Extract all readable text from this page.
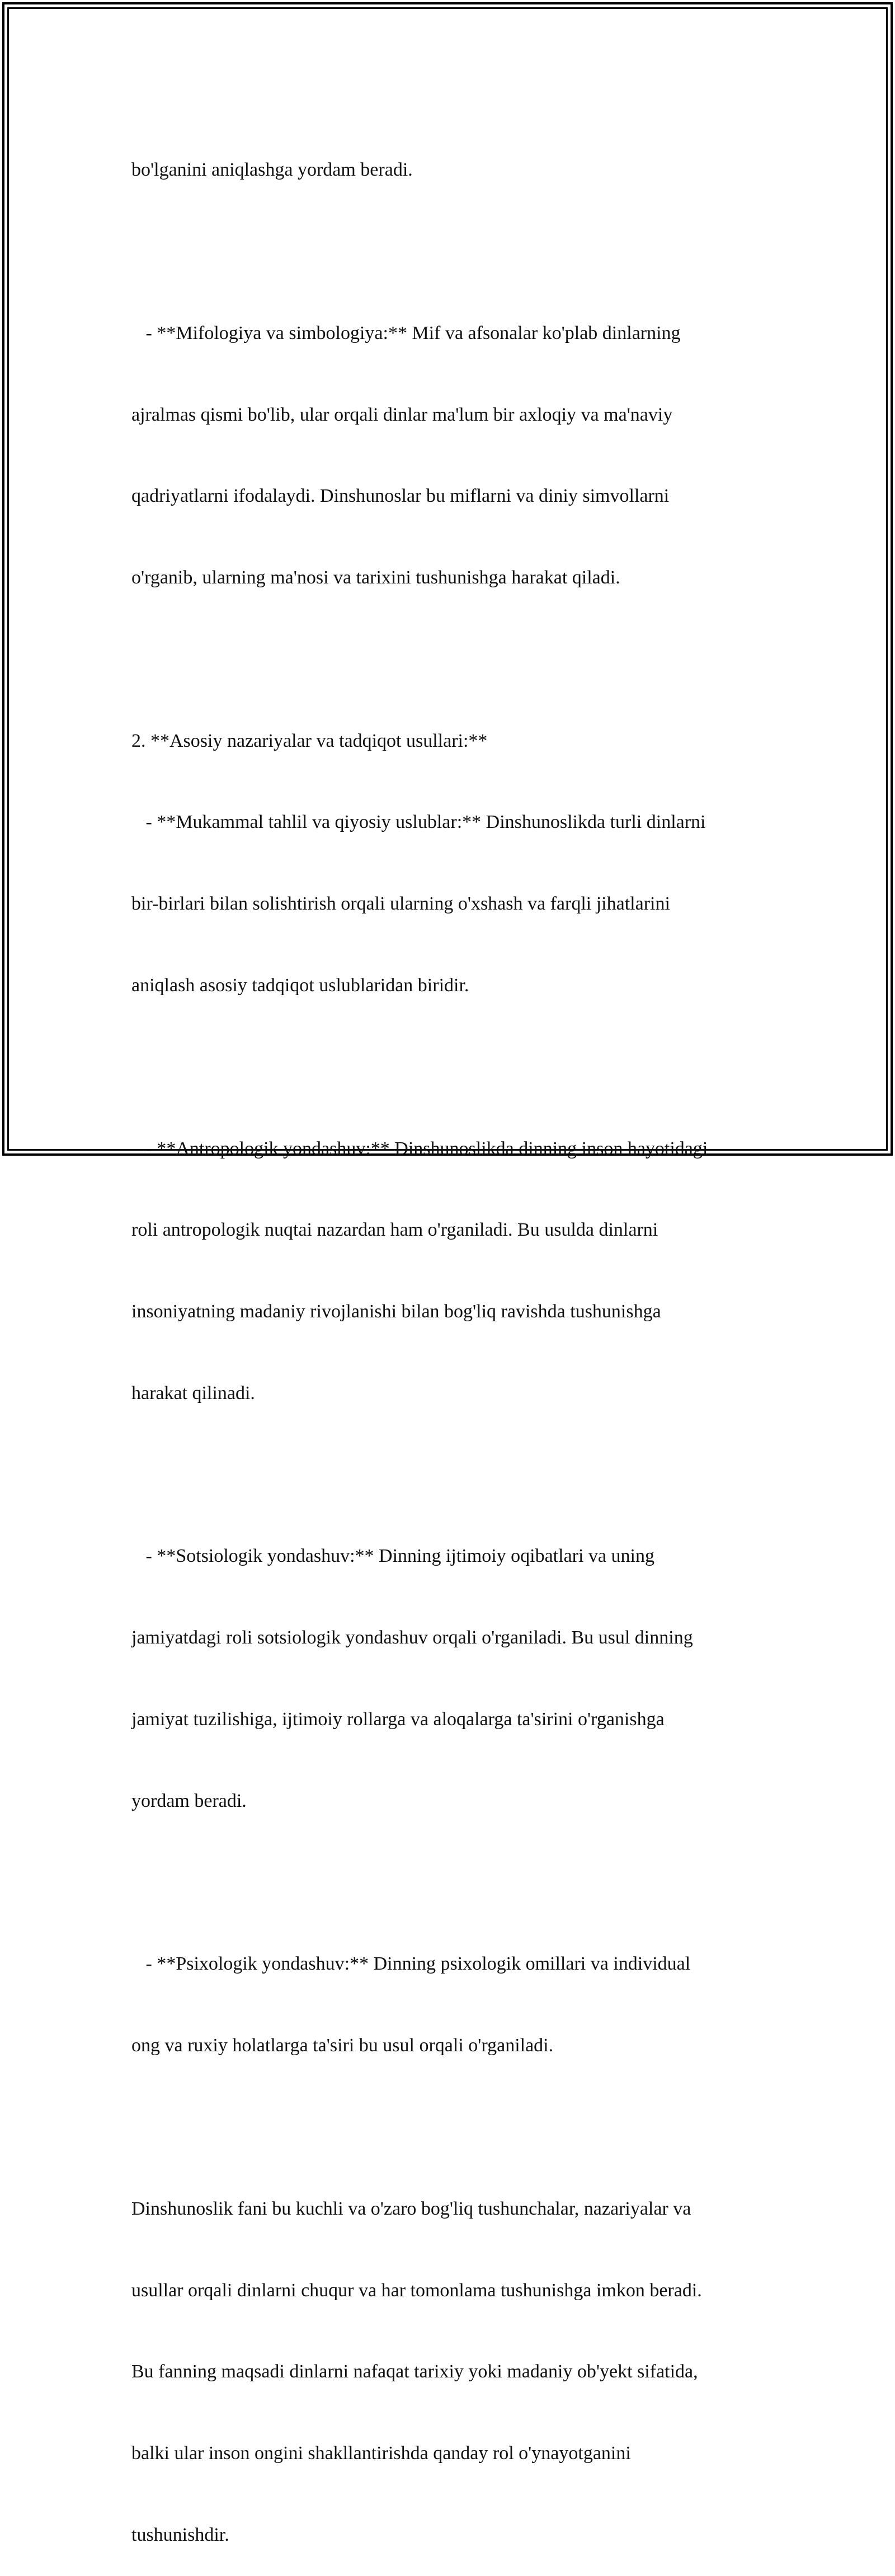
bo'lganini aniqlashga yordam beradi.

- **Mifologiya va simbologiya:** Mif va afsonalar ko'plab dinlarning

ajralmas qismi bo'lib, ular orqali dinlar ma'lum bir axloqiy va ma'naviy

qadriyatlarni ifodalaydi. Dinshunoslar bu miflarni va diniy simvollarni

o'rganib, ularning ma'nosi va tarixini tushunishga harakat qiladi.

2. **Asosiy nazariyalar va tadqiqot usullari:**

- **Mukammal tahlil va qiyosiy uslublar:** Dinshunoslikda turli dinlarni

bir-birlari bilan solishtirish orqali ularning o'xshash va farqli jihatlarini

aniqlash asosiy tadqiqot uslublaridan biridir.

- **Antropologik yondashuv:** Dinshunoslikda dinning inson hayotidagi

roli antropologik nuqtai nazardan ham o'rganiladi. Bu usulda dinlarni

insoniyatning madaniy rivojlanishi bilan bog'liq ravishda tushunishga

harakat qilinadi.

- **Sotsiologik yondashuv:** Dinning ijtimoiy oqibatlari va uning

jamiyatdagi roli sotsiologik yondashuv orqali o'rganiladi. Bu usul dinning

jamiyat tuzilishiga, ijtimoiy rollarga va aloqalarga ta'sirini o'rganishga

yordam beradi.

- **Psixologik yondashuv:** Dinning psixologik omillari va individual

ong va ruxiy holatlarga ta'siri bu usul orqali o'rganiladi.

Dinshunoslik fani bu kuchli va o'zaro bog'liq tushunchalar, nazariyalar va

usullar orqali dinlarni chuqur va har tomonlama tushunishga imkon beradi.

Bu fanning maqsadi dinlarni nafaqat tarixiy yoki madaniy ob'yekt sifatida,

balki ular inson ongini shakllantirishda qanday rol o'ynayotganini

tushunishdir.
